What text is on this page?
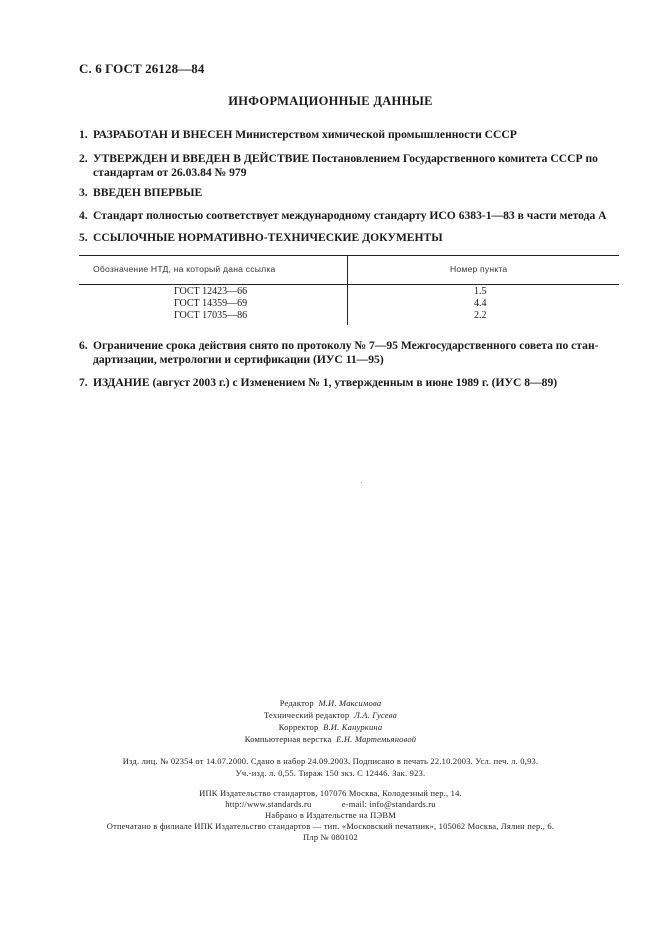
С. 6 ГОСТ 26128—84
ИНФОРМАЦИОННЫЕ ДАННЫЕ
1. РАЗРАБОТАН И ВНЕСЕН Министерством химической промышленности СССР
2. УТВЕРЖДЕН И ВВЕДЕН В ДЕЙСТВИЕ Постановлением Государственного комитета СССР по
стандартам от 26.03.84 № 979
3. ВВЕДЕН ВПЕРВЫЕ
4. Стандарт полностью соответствует международному стандарту ИСО 6383-1—83 в части метода А
5. ССЫЛОЧНЫЕ НОРМАТИВНО-ТЕХНИЧЕСКИЕ ДОКУМЕНТЫ
Обозначение НТД, на который дана ссылка	Номер пункта
ГОСТ 12423—66	1.5
ГОСТ 14359—69	4.4
ГОСТ 17035—86	2.2
6. Ограничение срока действия снято по протоколу № 7—95 Межгосударственного совета по стан-
дартизации, метрологии и сертификации (ИУС 11—95)
7. ИЗДАНИЕ (август 2003 г.) с Изменением № 1, утвержденным в июне 1989 г. (ИУС 8—89)
Редактор М.И. Максимова
Технический редактор Л.А. Гусева
Корректор В.И. Кануркина
Компьютерная верстка Е.Н. Мартемьяновой
Изд. лиц. № 02354 от 14.07.2000. Сдано в набор 24.09.2003. Подписано в печать 22.10.2003. Усл. печ. л. 0,93.
Уч.-изд. л. 0,55. Тираж 150 экз. С 12446. Зак. 923.
ИПК Издательство стандартов, 107076 Москва, Колодезный пер., 14.
http://www.standards.ru	e-mail: info@standards.ru
Набрано в Издательстве на ПЭВМ
Отпечатано в филиале ИПК Издательство стандартов — тип. «Московский печатник», 105062 Москва, Лялин пер., 6.
Плр № 080102
